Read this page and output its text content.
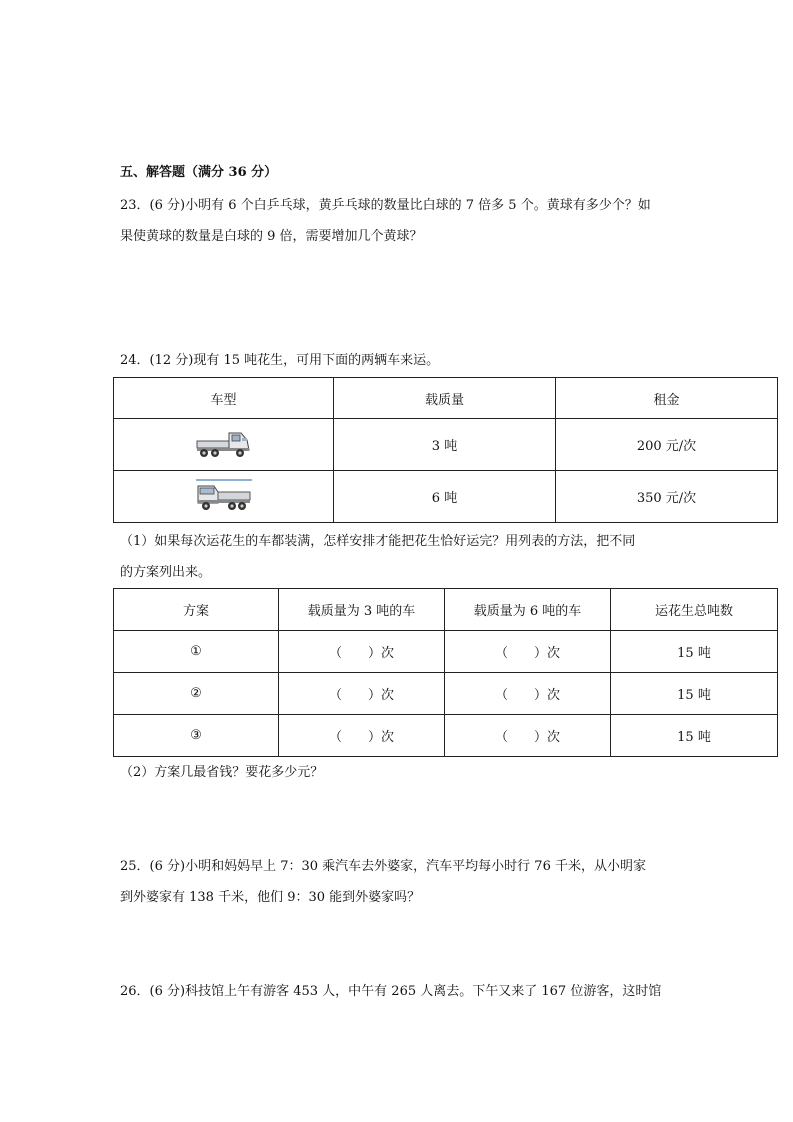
五、解答题（满分 36 分）
23．(6 分)小明有 6 个白乒乓球，黄乒乓球的数量比白球的 7 倍多 5 个。黄球有多少个？如
果使黄球的数量是白球的 9 倍，需要增加几个黄球？
24．(12 分)现有 15 吨花生，可用下面的两辆车来运。
车型	载质量	租金
	3 吨	200 元/次
	6 吨	350 元/次
（1）如果每次运花生的车都装满，怎样安排才能把花生恰好运完？用列表的方法，把不同
的方案列出来。
方案	载质量为 3 吨的车	载质量为 6 吨的车	运花生总吨数
①	（　　）次	（　　）次	15 吨
②	（　　）次	（　　）次	15 吨
③	（　　）次	（　　）次	15 吨
（2）方案几最省钱？要花多少元？
25．(6 分)小明和妈妈早上 7：30 乘汽车去外婆家，汽车平均每小时行 76 千米，从小明家
到外婆家有 138 千米，他们 9：30 能到外婆家吗？
26．(6 分)科技馆上午有游客 453 人，中午有 265 人离去。下午又来了 167 位游客，这时馆
